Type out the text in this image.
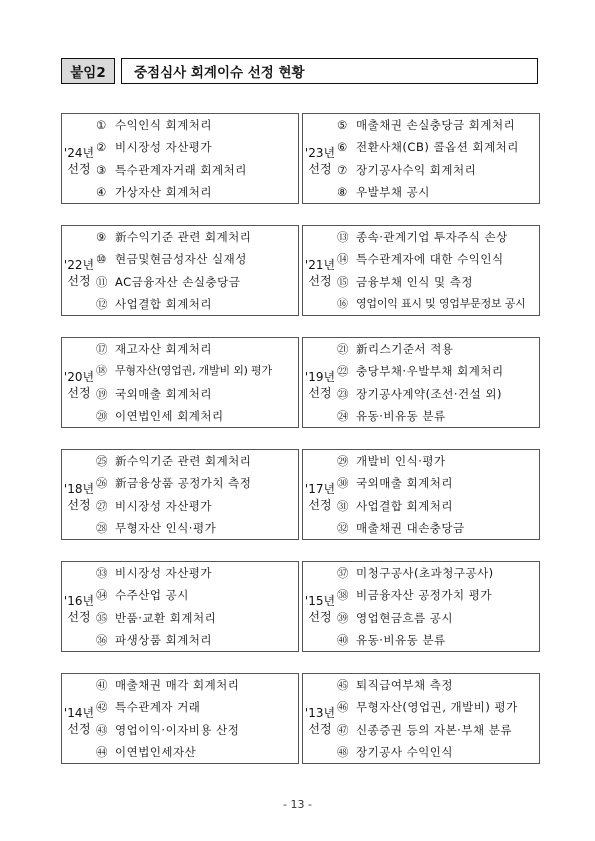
붙임2	중점심사 회계이슈 선정 현황
'24년
선정
① 수익인식 회계처리
② 비시장성 자산평가
③ 특수관계자거래 회계처리
④ 가상자산 회계처리
'23년
선정
⑤ 매출채권 손실충당금 회계처리
⑥ 전환사채(CB) 콜옵션 회계처리
⑦ 장기공사수익 회계처리
⑧ 우발부채 공시
'22년
선정
⑨ 新수익기준 관련 회계처리
⑩ 현금및현금성자산 실재성
⑪ AC금융자산 손실충당금
⑫ 사업결합 회계처리
'21년
선정
⑬ 종속·관계기업 투자주식 손상
⑭ 특수관계자에 대한 수익인식
⑮ 금융부채 인식 및 측정
⑯ 영업이익 표시 및 영업부문정보 공시
'20년
선정
⑰ 재고자산 회계처리
⑱ 무형자산(영업권, 개발비 외) 평가
⑲ 국외매출 회계처리
⑳ 이연법인세 회계처리
'19년
선정
㉑ 新리스기준서 적용
㉒ 충당부채·우발부채 회계처리
㉓ 장기공사계약(조선·건설 외)
㉔ 유동·비유동 분류
'18년
선정
㉕ 新수익기준 관련 회계처리
㉖ 新금융상품 공정가치 측정
㉗ 비시장성 자산평가
㉘ 무형자산 인식·평가
'17년
선정
㉙ 개발비 인식·평가
㉚ 국외매출 회계처리
㉛ 사업결합 회계처리
㉜ 매출채권 대손충당금
'16년
선정
㉝ 비시장성 자산평가
㉞ 수주산업 공시
㉟ 반품·교환 회계처리
㊱ 파생상품 회계처리
'15년
선정
㊲ 미청구공사(초과청구공사)
㊳ 비금융자산 공정가치 평가
㊴ 영업현금흐름 공시
㊵ 유동·비유동 분류
'14년
선정
㊶ 매출채권 매각 회계처리
㊷ 특수관계자 거래
㊸ 영업이익·이자비용 산정
㊹ 이연법인세자산
'13년
선정
㊺ 퇴직급여부채 측정
㊻ 무형자산(영업권, 개발비) 평가
㊼ 신종증권 등의 자본·부채 분류
㊽ 장기공사 수익인식
- 13 -
